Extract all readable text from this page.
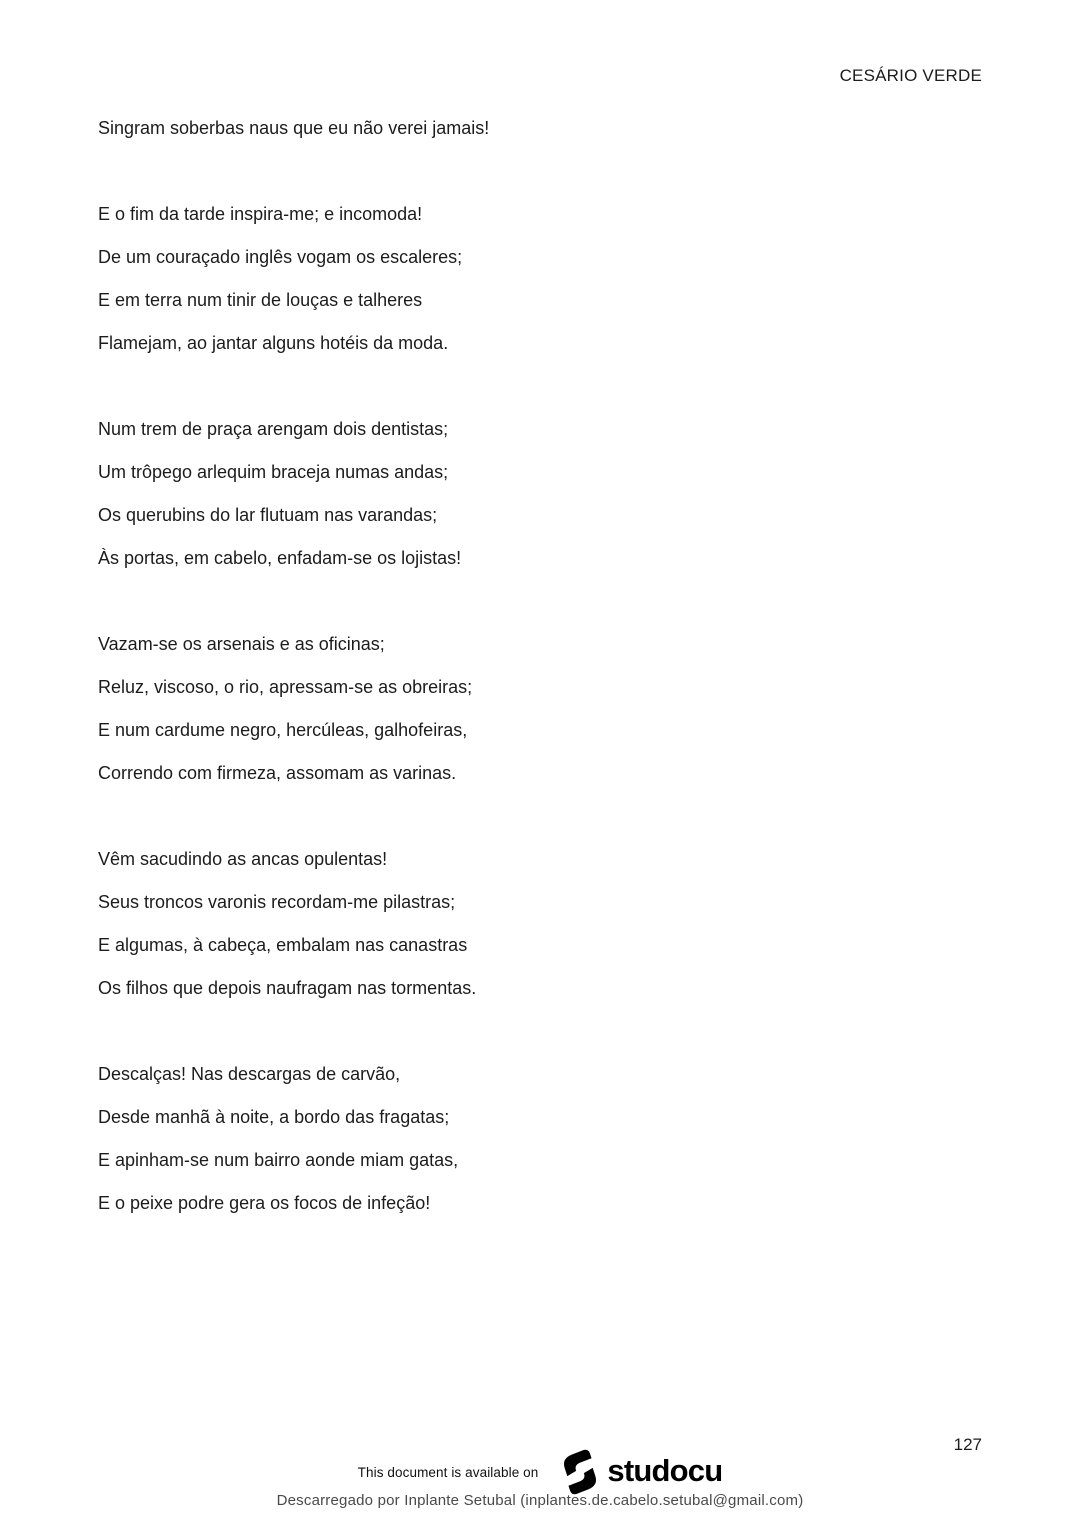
CESÁRIO VERDE

Singram soberbas naus que eu não verei jamais!

E o fim da tarde inspira-me; e incomoda!

De um couraçado inglês vogam os escaleres;

E em terra num tinir de louças e talheres

Flamejam, ao jantar alguns hotéis da moda.

Num trem de praça arengam dois dentistas;

Um trôpego arlequim braceja numas andas;

Os querubins do lar flutuam nas varandas;

Às portas, em cabelo, enfadam-se os lojistas!

Vazam-se os arsenais e as oficinas;

Reluz, viscoso, o rio, apressam-se as obreiras;

E num cardume negro, hercúleas, galhofeiras,

Correndo com firmeza, assomam as varinas.

Vêm sacudindo as ancas opulentas!

Seus troncos varonis recordam-me pilastras;

E algumas, à cabeça, embalam nas canastras

Os filhos que depois naufragam nas tormentas.

Descalças! Nas descargas de carvão,

Desde manhã à noite, a bordo das fragatas;

E apinham-se num bairro aonde miam gatas,

E o peixe podre gera os focos de infeção!

127
This document is available on studocu
Descarregado por Inplante Setubal (inplantes.de.cabelo.setubal@gmail.com)
